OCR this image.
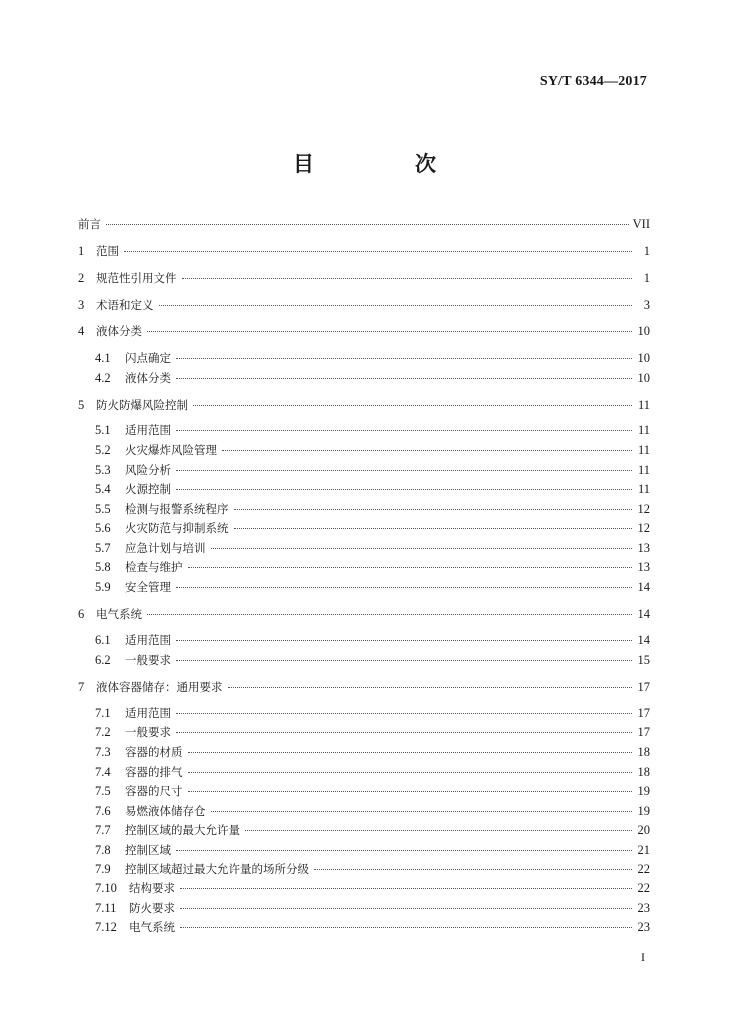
SY/T 6344—2017
目　次
前言	VII
1	范围	1
2	规范性引用文件	1
3	术语和定义	3
4	液体分类	10
4.1	闪点确定	10
4.2	液体分类	10
5	防火防爆风险控制	11
5.1	适用范围	11
5.2	火灾爆炸风险管理	11
5.3	风险分析	11
5.4	火源控制	11
5.5	检测与报警系统程序	12
5.6	火灾防范与抑制系统	12
5.7	应急计划与培训	13
5.8	检查与维护	13
5.9	安全管理	14
6	电气系统	14
6.1	适用范围	14
6.2	一般要求	15
7	液体容器储存：通用要求	17
7.1	适用范围	17
7.2	一般要求	17
7.3	容器的材质	18
7.4	容器的排气	18
7.5	容器的尺寸	19
7.6	易燃液体储存仓	19
7.7	控制区域的最大允许量	20
7.8	控制区域	21
7.9	控制区域超过最大允许量的场所分级	22
7.10	结构要求	22
7.11	防火要求	23
7.12	电气系统	23
I
